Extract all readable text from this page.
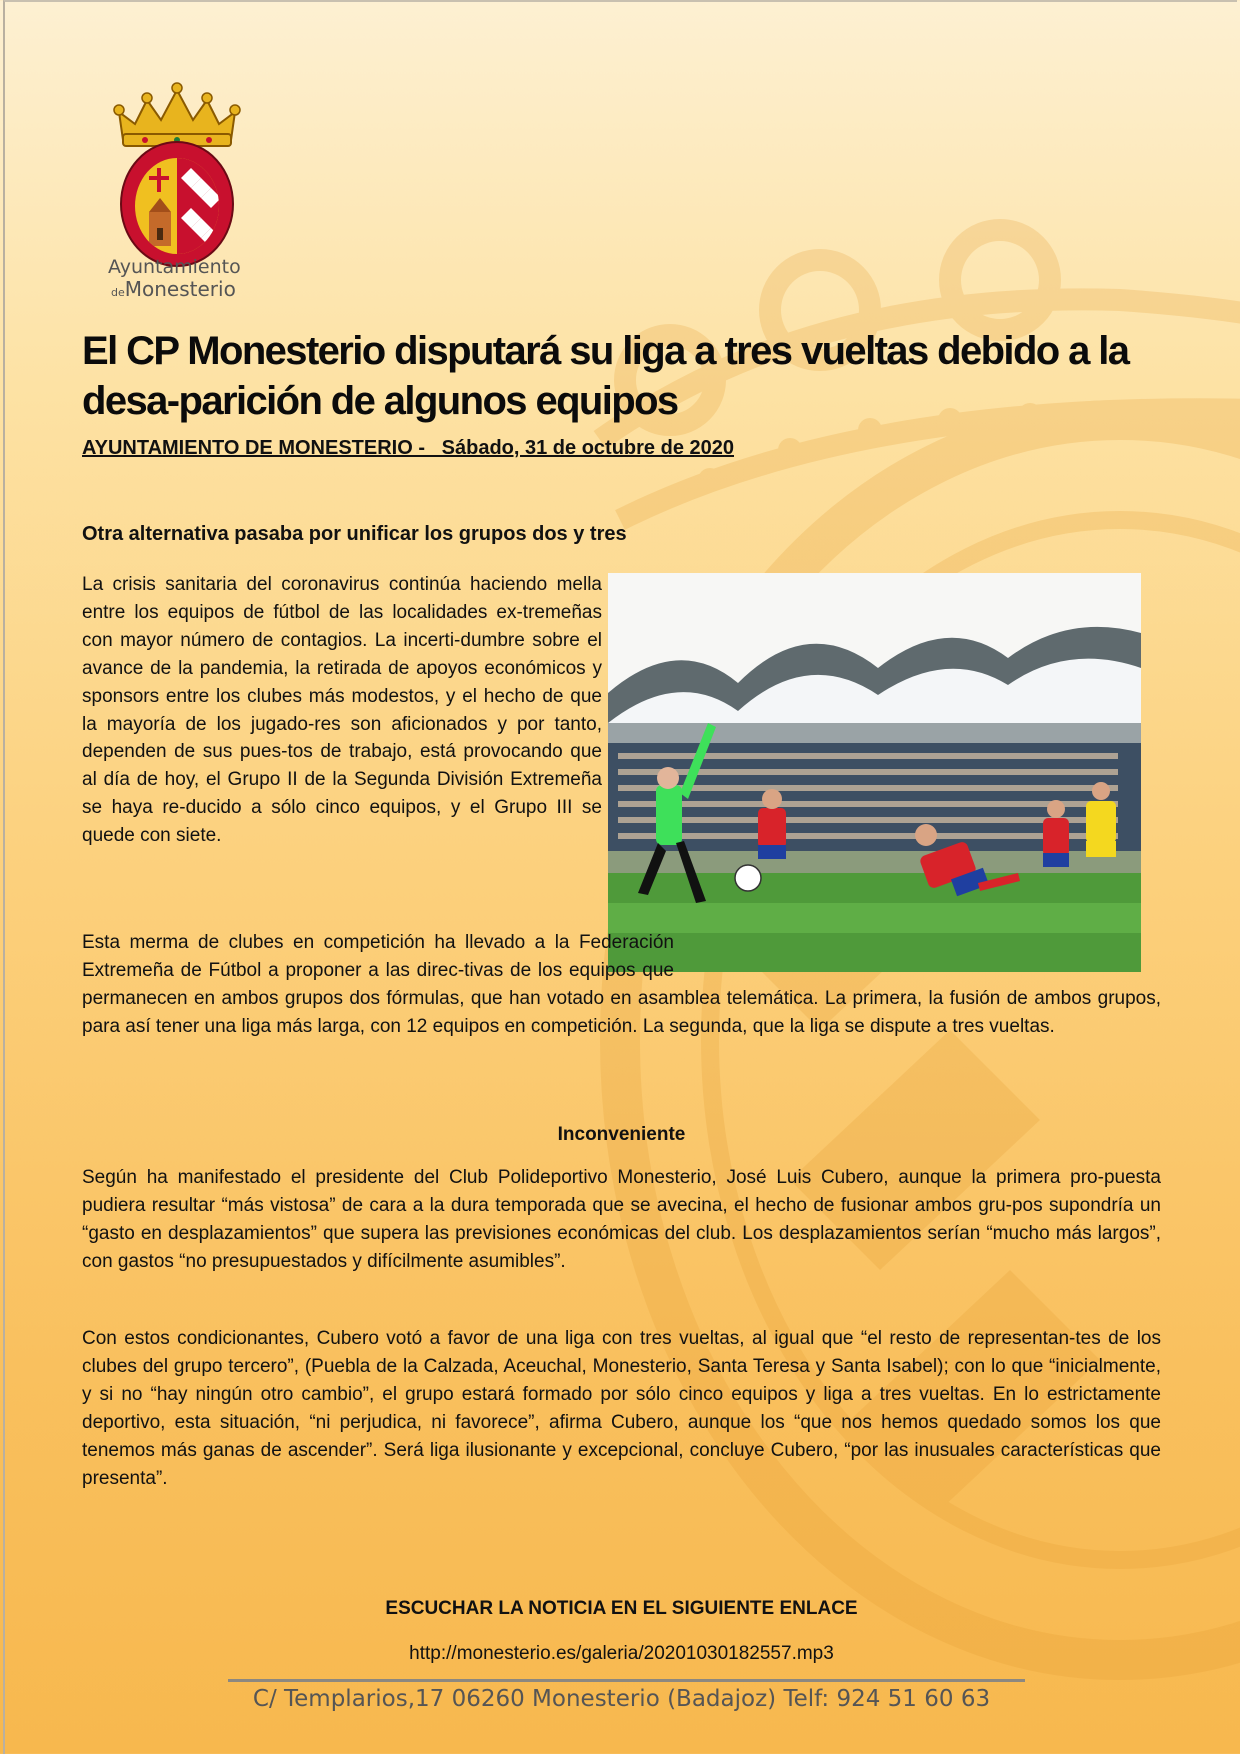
Ayuntamiento
deMonesterio
El CP Monesterio disputará su liga a tres vueltas debido a la desa-parición de algunos equipos

AYUNTAMIENTO DE MONESTERIO -   Sábado, 31 de octubre de 2020

Otra alternativa pasaba por unificar los grupos dos y tres

La crisis sanitaria del coronavirus continúa haciendo mella entre los equipos de fútbol de las localidades ex-tremeñas con mayor número de contagios. La incerti-dumbre sobre el avance de la pandemia, la retirada de apoyos económicos y sponsors entre los clubes más modestos, y el hecho de que la mayoría de los jugado-res son aficionados y por tanto, dependen de sus pues-tos de trabajo, está provocando que al día de hoy, el Grupo II de la Segunda División Extremeña se haya re-ducido a sólo cinco equipos, y el Grupo III se quede con siete.

Esta merma de clubes en competición ha llevado a la Federación Extremeña de Fútbol a proponer a las direc-tivas de los equipos que permanecen en ambos grupos dos fórmulas, que han votado en asamblea telemática. La primera, la fusión de ambos grupos, para así tener una liga más larga, con 12 equipos en competición. La segunda, que la liga se dispute a tres vueltas.

Inconveniente

Según ha manifestado el presidente del Club Polideportivo Monesterio, José Luis Cubero, aunque la primera pro-puesta pudiera resultar “más vistosa” de cara a la dura temporada que se avecina, el hecho de fusionar ambos gru-pos supondría un “gasto en desplazamientos” que supera las previsiones económicas del club. Los desplazamientos serían “mucho más largos”, con gastos “no presupuestados y difícilmente asumibles”.

Con estos condicionantes, Cubero votó a favor de una liga con tres vueltas, al igual que “el resto de representan-tes de los clubes del grupo tercero”, (Puebla de la Calzada, Aceuchal, Monesterio, Santa Teresa y Santa Isabel); con lo que “inicialmente, y si no “hay ningún otro cambio”, el grupo estará formado por sólo cinco equipos y liga a tres vueltas. En lo estrictamente deportivo, esta situación, “ni perjudica, ni favorece”, afirma Cubero, aunque los “que nos hemos quedado somos los que tenemos más ganas de ascender”. Será liga ilusionante y excepcional, concluye Cubero, “por las inusuales características que presenta”.

ESCUCHAR LA NOTICIA EN EL SIGUIENTE ENLACE

http://monesterio.es/galeria/20201030182557.mp3

C/ Templarios,17 06260 Monesterio (Badajoz) Telf: 924 51 60 63
